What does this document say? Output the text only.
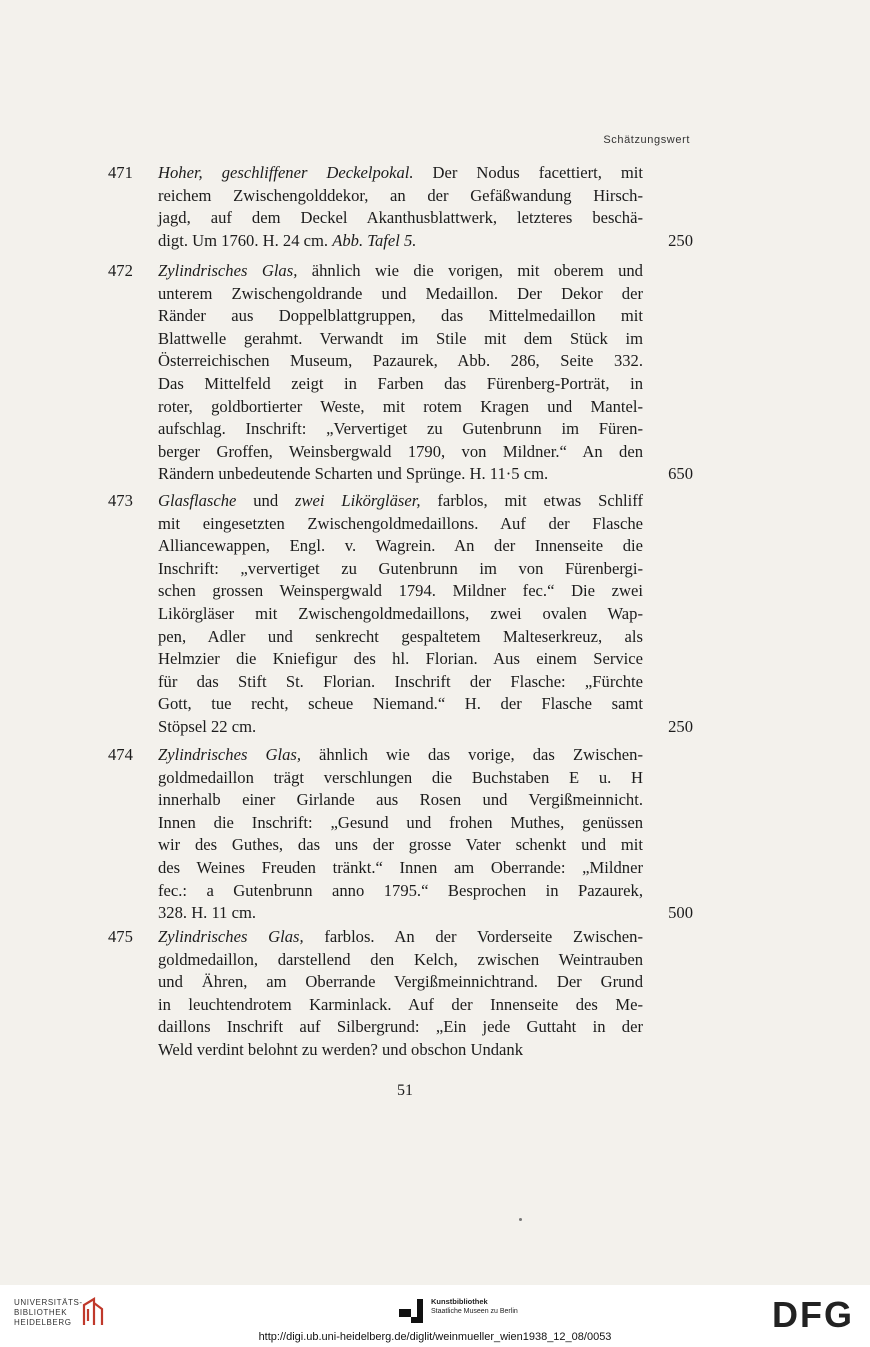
Schätzungswert
471	Hoher, geschliffener Deckelpokal. Der Nodus facettiert, mit
reichem Zwischengolddekor, an der Gefäßwandung Hirsch-
jagd, auf dem Deckel Akanthusblattwerk, letzteres beschä-
digt. Um 1760. H. 24 cm. Abb. Tafel 5.	250
472	Zylindrisches Glas, ähnlich wie die vorigen, mit oberem und
unterem Zwischengoldrande und Medaillon. Der Dekor der
Ränder aus Doppelblattgruppen, das Mittelmedaillon mit
Blattwelle gerahmt. Verwandt im Stile mit dem Stück im
Österreichischen Museum, Pazaurek, Abb. 286, Seite 332.
Das Mittelfeld zeigt in Farben das Fürenberg-Porträt, in
roter, goldbortierter Weste, mit rotem Kragen und Mantel-
aufschlag. Inschrift: „Ververtiget zu Gutenbrunn im Füren-
berger Groffen, Weinsbergwald 1790, von Mildner.“ An den
Rändern unbedeutende Scharten und Sprünge. H. 11·5 cm.	650
473	Glasflasche und zwei Likörgläser, farblos, mit etwas Schliff
mit eingesetzten Zwischengoldmedaillons. Auf der Flasche
Alliancewappen, Engl. v. Wagrein. An der Innenseite die
Inschrift: „ververtiget zu Gutenbrunn im von Fürenbergi-
schen grossen Weinspergwald 1794. Mildner fec.“ Die zwei
Likörgläser mit Zwischengoldmedaillons, zwei ovalen Wap-
pen, Adler und senkrecht gespaltetem Malteserkreuz, als
Helmzier die Kniefigur des hl. Florian. Aus einem Service
für das Stift St. Florian. Inschrift der Flasche: „Fürchte
Gott, tue recht, scheue Niemand.“ H. der Flasche samt
Stöpsel 22 cm.	250
474	Zylindrisches Glas, ähnlich wie das vorige, das Zwischen-
goldmedaillon trägt verschlungen die Buchstaben E u. H
innerhalb einer Girlande aus Rosen und Vergißmeinnicht.
Innen die Inschrift: „Gesund und frohen Muthes, genüssen
wir des Guthes, das uns der grosse Vater schenkt und mit
des Weines Freuden tränkt.“ Innen am Oberrande: „Mildner
fec.: a Gutenbrunn anno 1795.“ Besprochen in Pazaurek,
328. H. 11 cm.	500
475	Zylindrisches Glas, farblos. An der Vorderseite Zwischen-
goldmedaillon, darstellend den Kelch, zwischen Weintrauben
und Ähren, am Oberrande Vergißmeinnichtrand. Der Grund
in leuchtendrotem Karminlack. Auf der Innenseite des Me-
daillons Inschrift auf Silbergrund: „Ein jede Guttaht in der
Weld verdint belohnt zu werden? und obschon Undank
51
UNIVERSITÄTS-
BIBLIOTHEK
HEIDELBERG
Kunstbibliothek
Staatliche Museen zu Berlin	DFG
http://digi.ub.uni-heidelberg.de/diglit/weinmueller_wien1938_12_08/0053
